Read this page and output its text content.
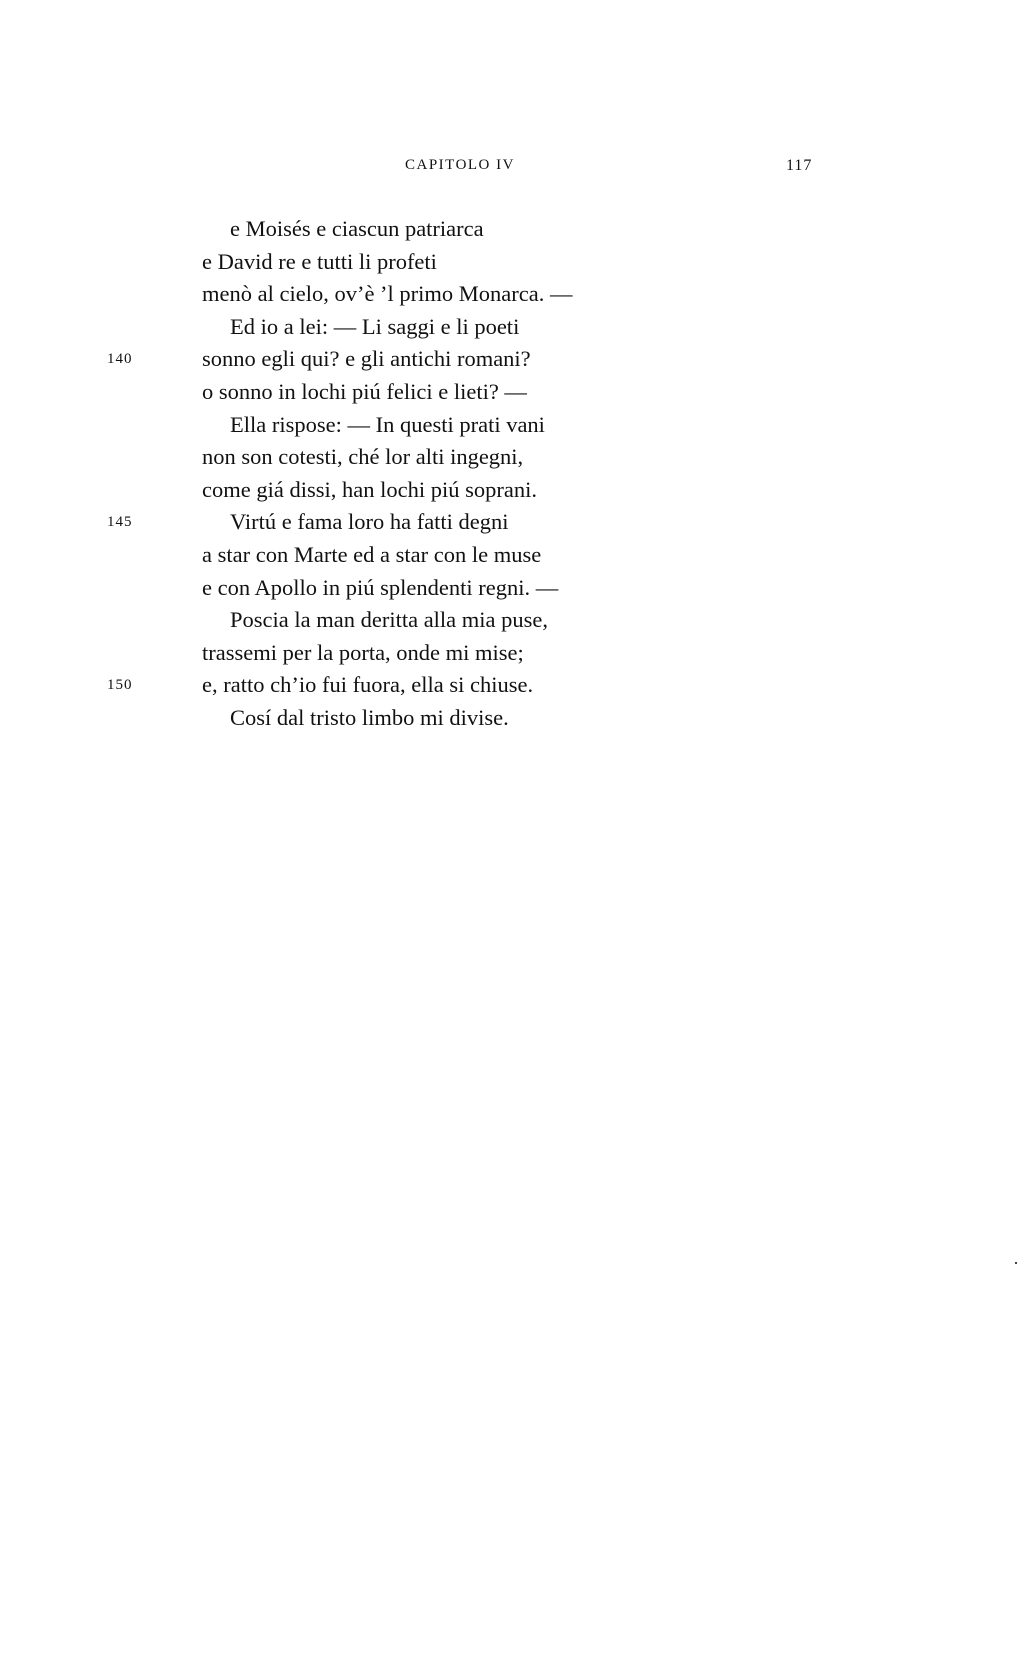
CAPITOLO IV	117
e Moisés e ciascun patriarca
e David re e tutti li profeti
menò al cielo, ov’è ’l primo Monarca. —
Ed io a lei: — Li saggi e li poeti
140	sonno egli qui? e gli antichi romani?
o sonno in lochi piú felici e lieti? —
Ella rispose: — In questi prati vani
non son cotesti, ché lor alti ingegni,
come giá dissi, han lochi piú soprani.
145	Virtú e fama loro ha fatti degni
a star con Marte ed a star con le muse
e con Apollo in piú splendenti regni. —
Poscia la man deritta alla mia puse,
trassemi per la porta, onde mi mise;
150	e, ratto ch’io fui fuora, ella si chiuse.
Cosí dal tristo limbo mi divise.
